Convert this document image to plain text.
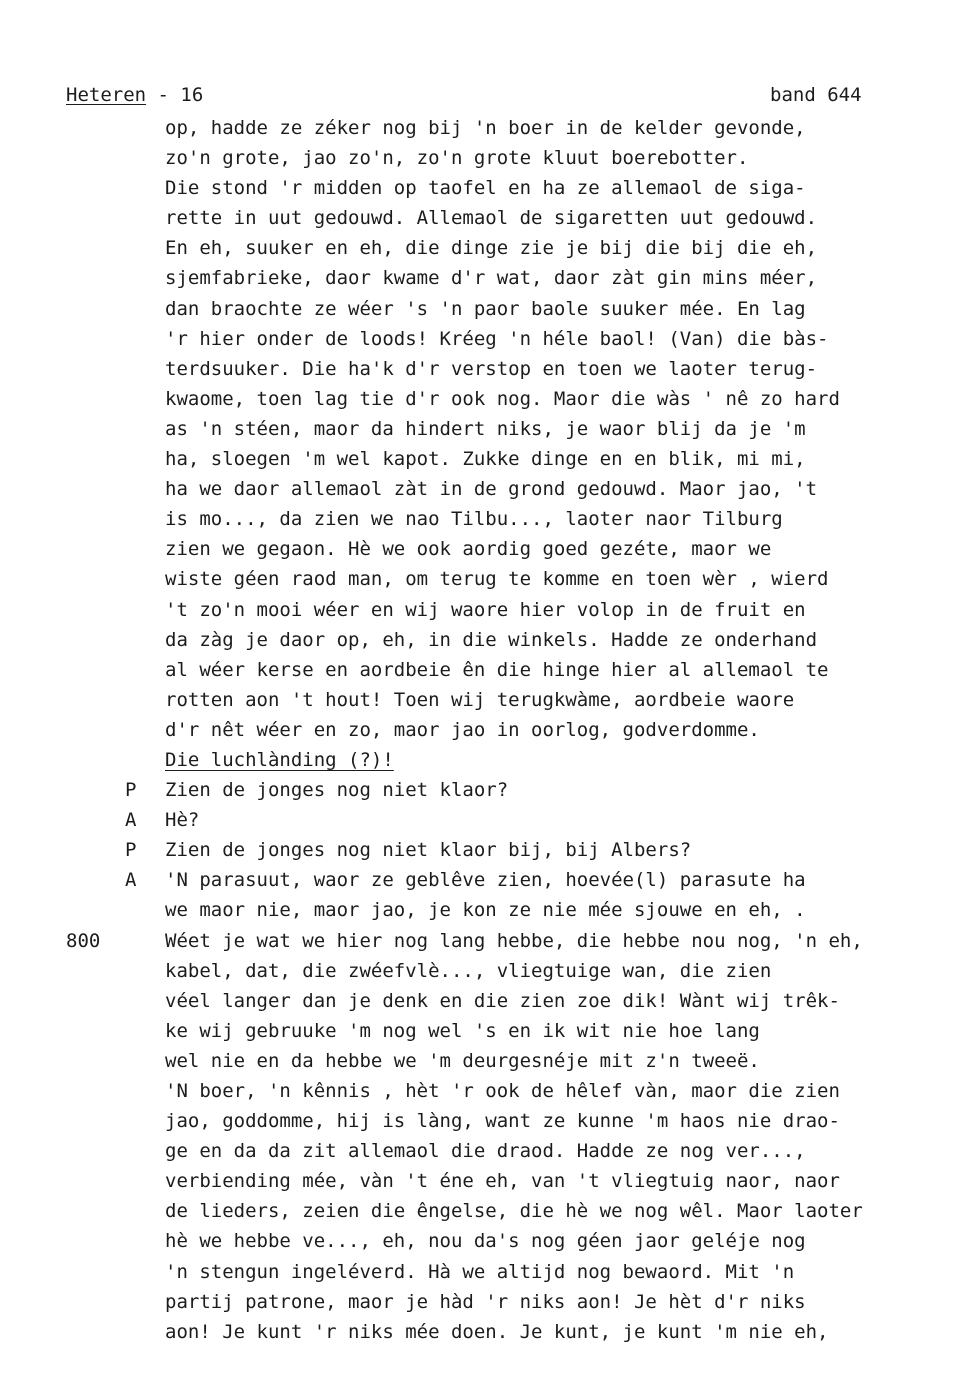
Heteren - 16	band 644
op, hadde ze zéker nog bij 'n boer in de kelder gevonde,
zo'n grote, jao zo'n, zo'n grote kluut boerebotter.
Die stond 'r midden op taofel en ha ze allemaol de siga-
rette in uut gedouwd. Allemaol de sigaretten uut gedouwd.
En eh, suuker en eh, die dinge zie je bij die bij die eh,
sjemfabrieke, daor kwame d'r wat, daor zàt gin mins méer,
dan braochte ze wéer 's 'n paor baole suuker mée. En lag
'r hier onder de loods! Kréeg 'n héle baol! (Van) die bàs-
terdsuuker. Die ha'k d'r verstop en toen we laoter terug-
kwaome, toen lag tie d'r ook nog. Maor die wàs ' nê zo hard
as 'n stéen, maor da hindert niks, je waor blij da je 'm
ha, sloegen 'm wel kapot. Zukke dinge en en blik, mi mi,
ha we daor allemaol zàt in de grond gedouwd. Maor jao, 't
is mo..., da zien we nao Tilbu..., laoter naor Tilburg
zien we gegaon. Hè we ook aordig goed gezéte, maor we
wiste géen raod man, om terug te komme en toen wèr , wierd
't zo'n mooi wéer en wij waore hier volop in de fruit en
da zàg je daor op, eh, in die winkels. Hadde ze onderhand
al wéer kerse en aordbeie ên die hinge hier al allemaol te
rotten aon 't hout! Toen wij terugkwàme, aordbeie waore
d'r nêt wéer en zo, maor jao in oorlog, godverdomme.
Die luchlànding (?)!
P	Zien de jonges nog niet klaor?
A	Hè?
P	Zien de jonges nog niet klaor bij, bij Albers?
A	'N parasuut, waor ze geblêve zien, hoevée(l) parasute ha
we maor nie, maor jao, je kon ze nie mée sjouwe en eh, .
800	Wéet je wat we hier nog lang hebbe, die hebbe nou nog, 'n eh,
kabel, dat, die zwéefvlè..., vliegtuige wan, die zien
véel langer dan je denk en die zien zoe dik! Wànt wij trêk-
ke wij gebruuke 'm nog wel 's en ik wit nie hoe lang
wel nie en da hebbe we 'm deurgesnéje mit z'n tweeë.
'N boer, 'n kênnis , hèt 'r ook de hêlef vàn, maor die zien
jao, goddomme, hij is làng, want ze kunne 'm haos nie drao-
ge en da da zit allemaol die draod. Hadde ze nog ver...,
verbiending mée, vàn 't éne eh, van 't vliegtuig naor, naor
de lieders, zeien die êngelse, die hè we nog wêl. Maor laoter
hè we hebbe ve..., eh, nou da's nog géen jaor geléje nog
'n stengun ingeléverd. Hà we altijd nog bewaord. Mit 'n
partij patrone, maor je hàd 'r niks aon! Je hèt d'r niks
aon! Je kunt 'r niks mée doen. Je kunt, je kunt 'm nie eh,
